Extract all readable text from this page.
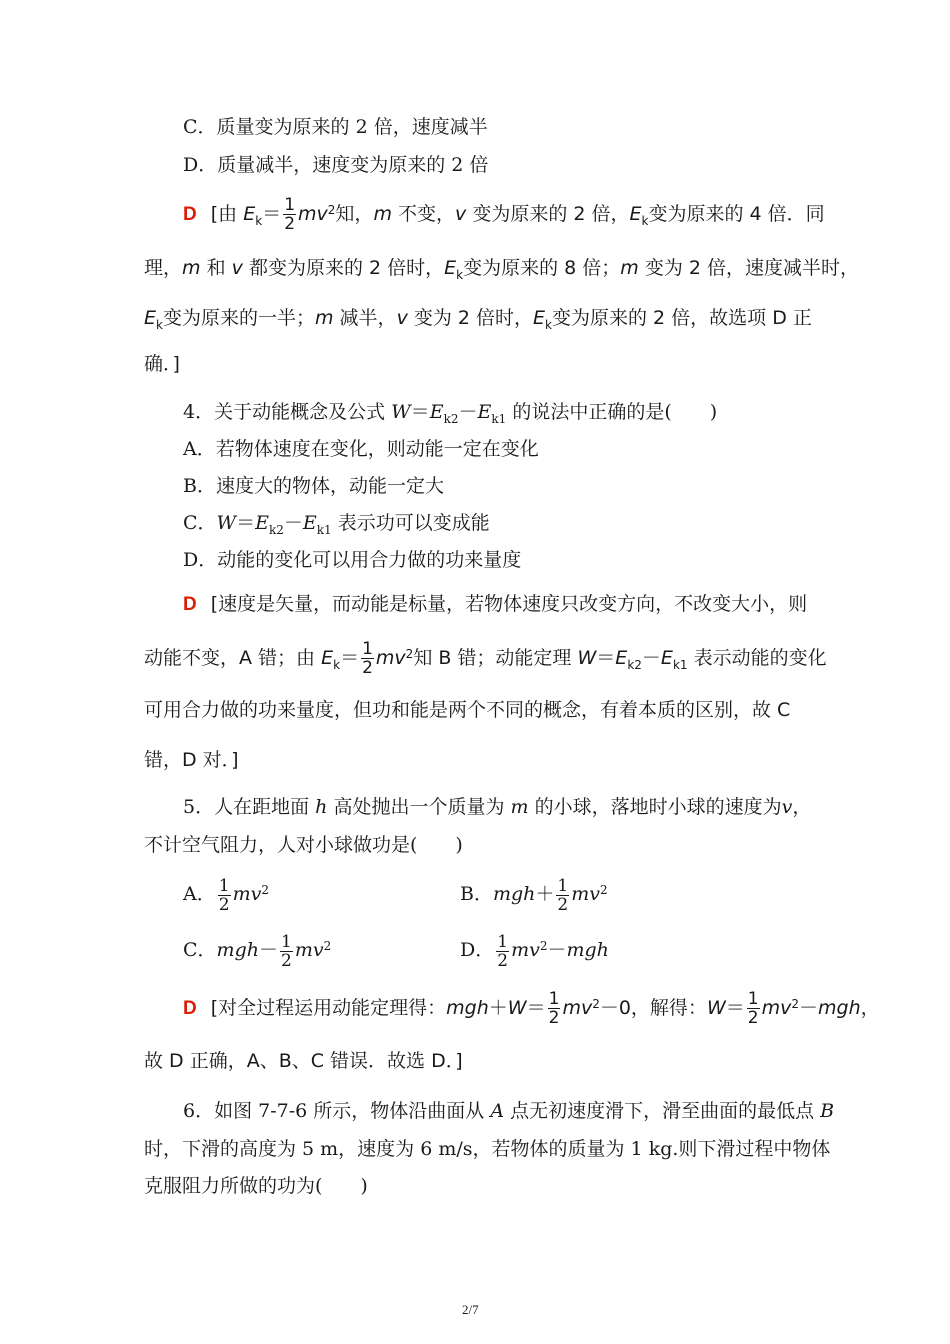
C．质量变为原来的 2 倍，速度减半
D．质量减半，速度变为原来的 2 倍
D [由 $E_k= \frac{1}{2} mv^2$知，m 不变，v 变为原来的 2 倍，$E_k$变为原来的 4 倍．同
理，m 和 v 都变为原来的 2 倍时，$E_k$变为原来的 8 倍；m 变为 2 倍，速度减半时，
$E_k$变为原来的一半；m 减半，v 变为 2 倍时，$E_k$变为原来的 2 倍，故选项 D 正
确．]
4．关于动能概念及公式 $W=E_{k2}-E_{k1}$ 的说法中正确的是(　　)
A．若物体速度在变化，则动能一定在变化
B．速度大的物体，动能一定大
C．$W=E_{k2}-E_{k1}$ 表示功可以变成能
D．动能的变化可以用合力做的功来量度
D [速度是矢量，而动能是标量，若物体速度只改变方向，不改变大小，则
动能不变，A 错；由 $E_k= \frac{1}{2} mv^2$知 B 错；动能定理 $W=E_{k2}-E_{k1}$ 表示动能的变化
可用合力做的功来量度，但功和能是两个不同的概念，有着本质的区别，故 C
错，D 对．]
5．人在距地面 h 高处抛出一个质量为 m 的小球，落地时小球的速度为v，
不计空气阻力，人对小球做功是(　　)
A． $\frac{1}{2} mv^2$	B．$mgh+ \frac{1}{2} mv^2$
C．$mgh- \frac{1}{2} mv^2$	D． $\frac{1}{2} mv^2-mgh$
D [对全过程运用动能定理得：$mgh+W= \frac{1}{2} mv^2-0$，解得：$W= \frac{1}{2} mv^2-mgh$，
故 D 正确，A、B、C 错误．故选 D．]
6．如图 7-7-6 所示，物体沿曲面从 A 点无初速度滑下，滑至曲面的最低点 B
时，下滑的高度为 5 m，速度为 6 m/s，若物体的质量为 1 kg.则下滑过程中物体
克服阻力所做的功为(　　)
2/7
